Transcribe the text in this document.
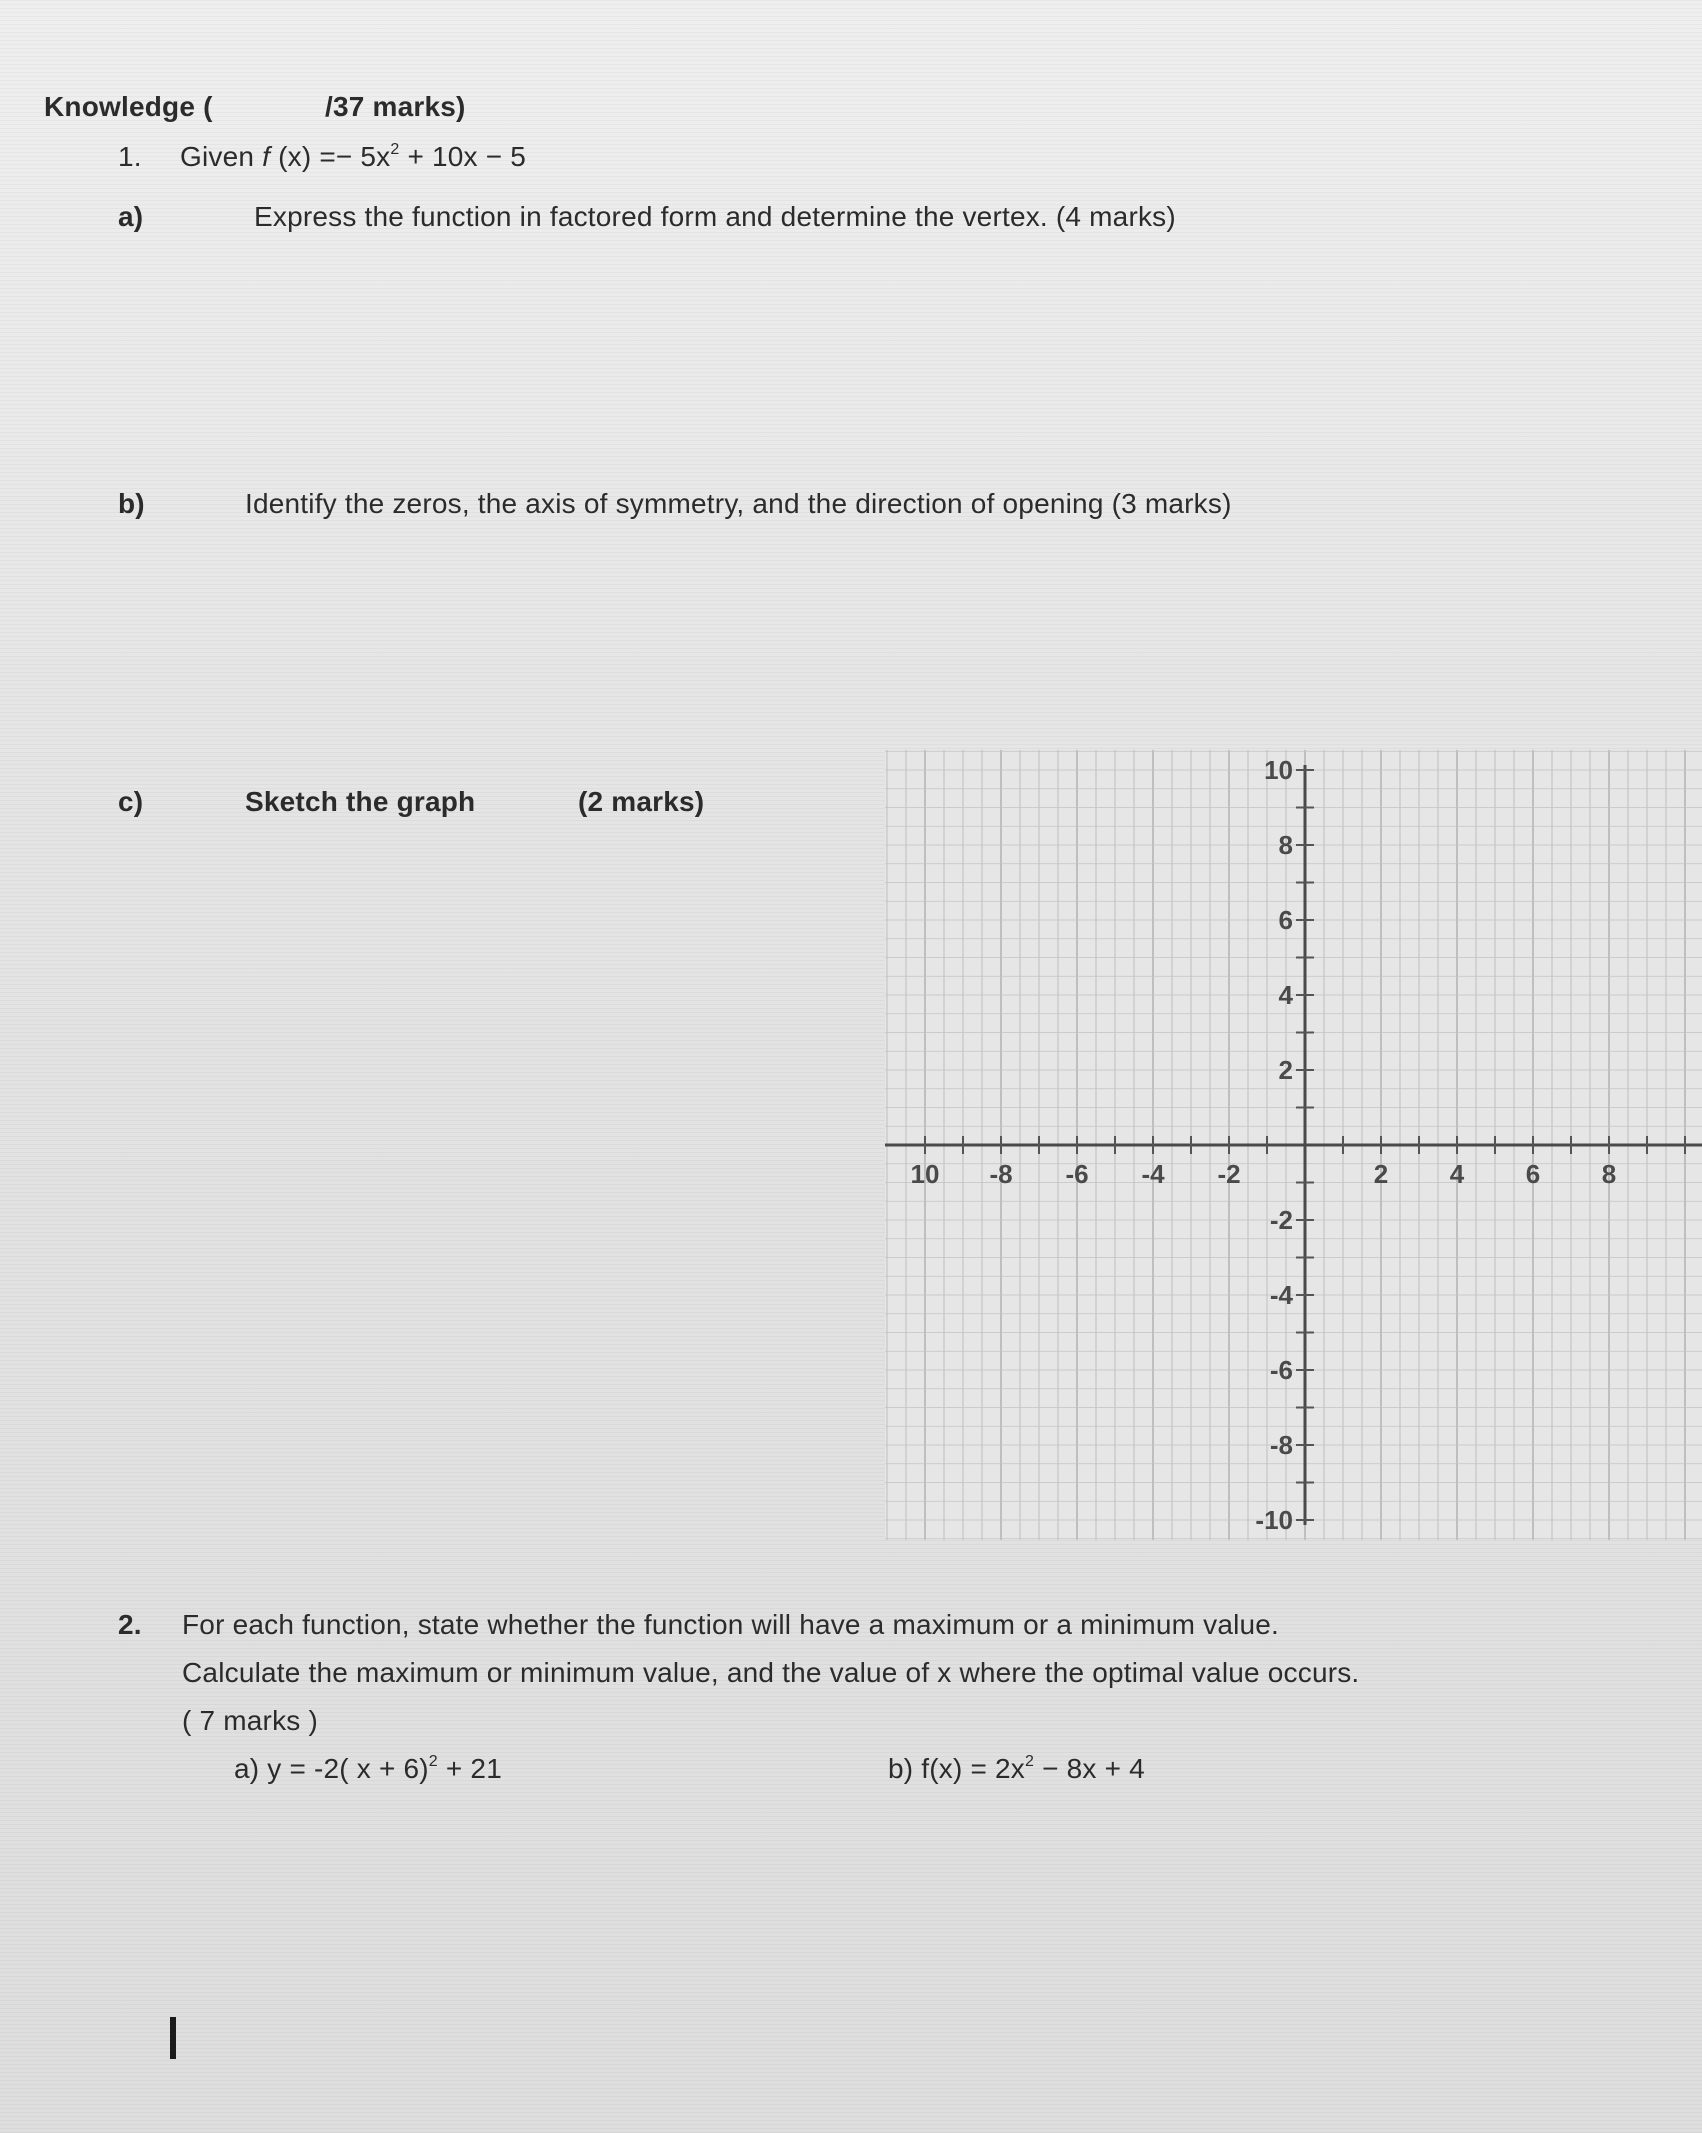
Knowledge (	/37 marks)
1. Given f $(x) =- 5x^2 + 10x - 5$
a)	Express the function in factored form and determine the vertex. (4 marks)
b)	Identify the zeros, the axis of symmetry, and the direction of opening (3 marks)
c)	Sketch the graph	(2 marks)
10 -8 -6 -4 -2	2 4 6 8
10
8
6
4
2
-2
-4
-6
-8
-10
2. For each function, state whether the function will have a maximum or a minimum value.
Calculate the maximum or minimum value, and the value of x where the optimal value occurs.
( 7 marks )
a) y = -2( x + 6)$^2$ + 21	b) $f(x) = 2x^2 - 8x + 4$
